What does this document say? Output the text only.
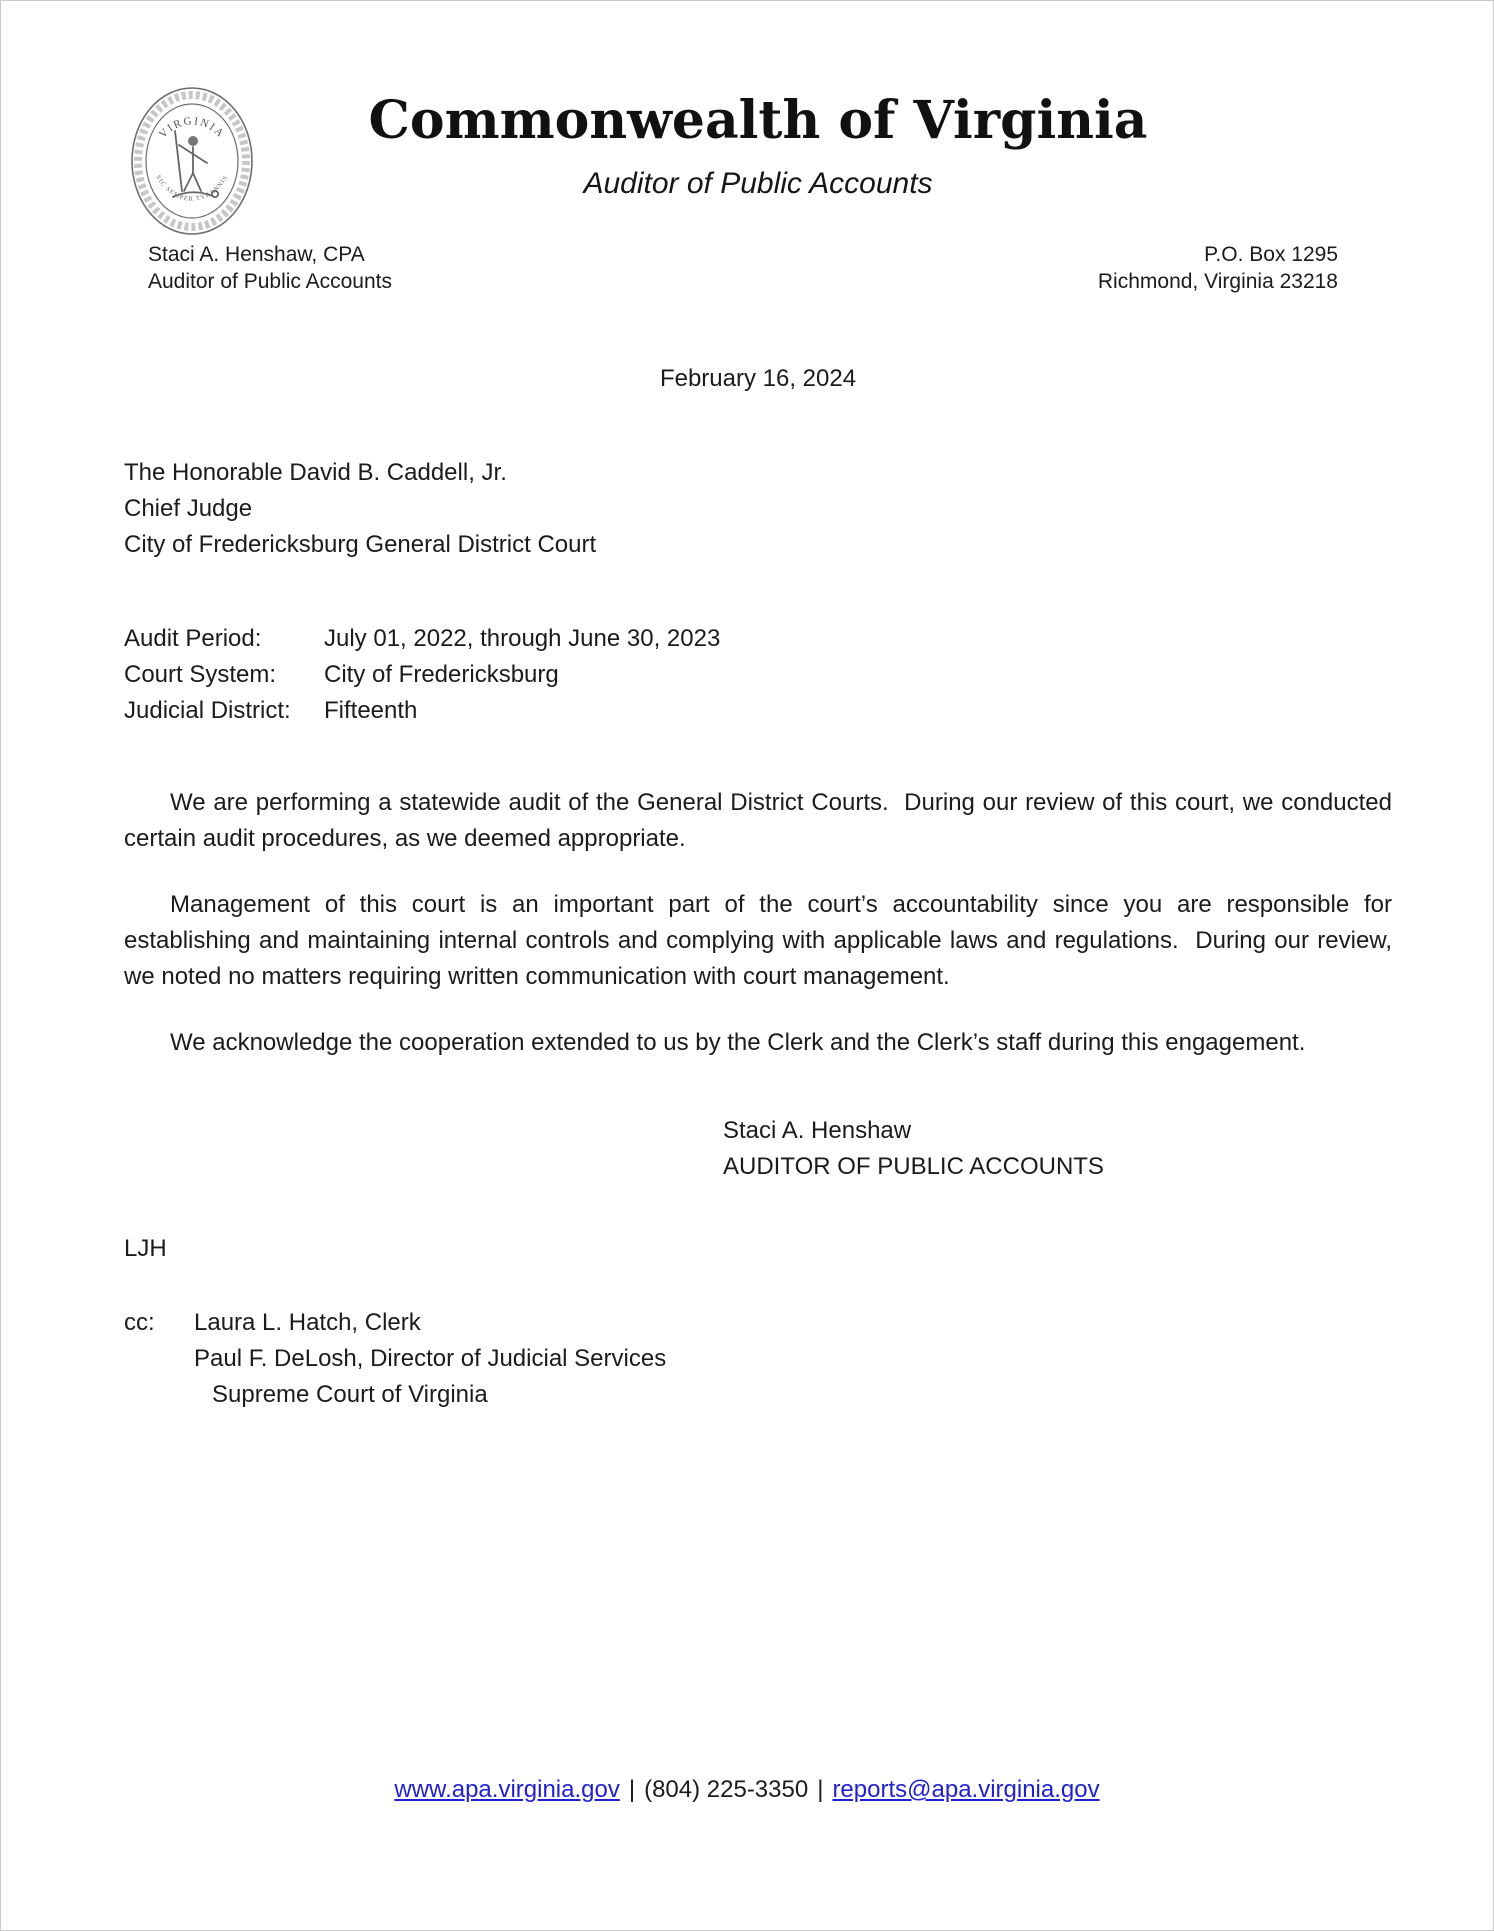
VIRGINIA
SIC SEMPER TYRANNIS
Commonwealth of Virginia
Auditor of Public Accounts
Staci A. Henshaw, CPA
Auditor of Public Accounts
P.O. Box 1295
Richmond, Virginia 23218
February 16, 2024
The Honorable David B. Caddell, Jr.
Chief Judge
City of Fredericksburg General District Court
Audit Period:	July 01, 2022, through June 30, 2023
Court System:	City of Fredericksburg
Judicial District:	Fifteenth

We are performing a statewide audit of the General District Courts.  During our review of this court, we conducted certain audit procedures, as we deemed appropriate.

Management of this court is an important part of the court’s accountability since you are responsible for establishing and maintaining internal controls and complying with applicable laws and regulations.  During our review, we noted no matters requiring written communication with court management.

We acknowledge the cooperation extended to us by the Clerk and the Clerk’s staff during this engagement.

Staci A. Henshaw
AUDITOR OF PUBLIC ACCOUNTS
LJH
cc:	Laura L. Hatch, Clerk
Paul F. DeLosh, Director of Judicial Services
Supreme Court of Virginia
www.apa.virginia.gov | (804) 225-3350 | reports@apa.virginia.gov
